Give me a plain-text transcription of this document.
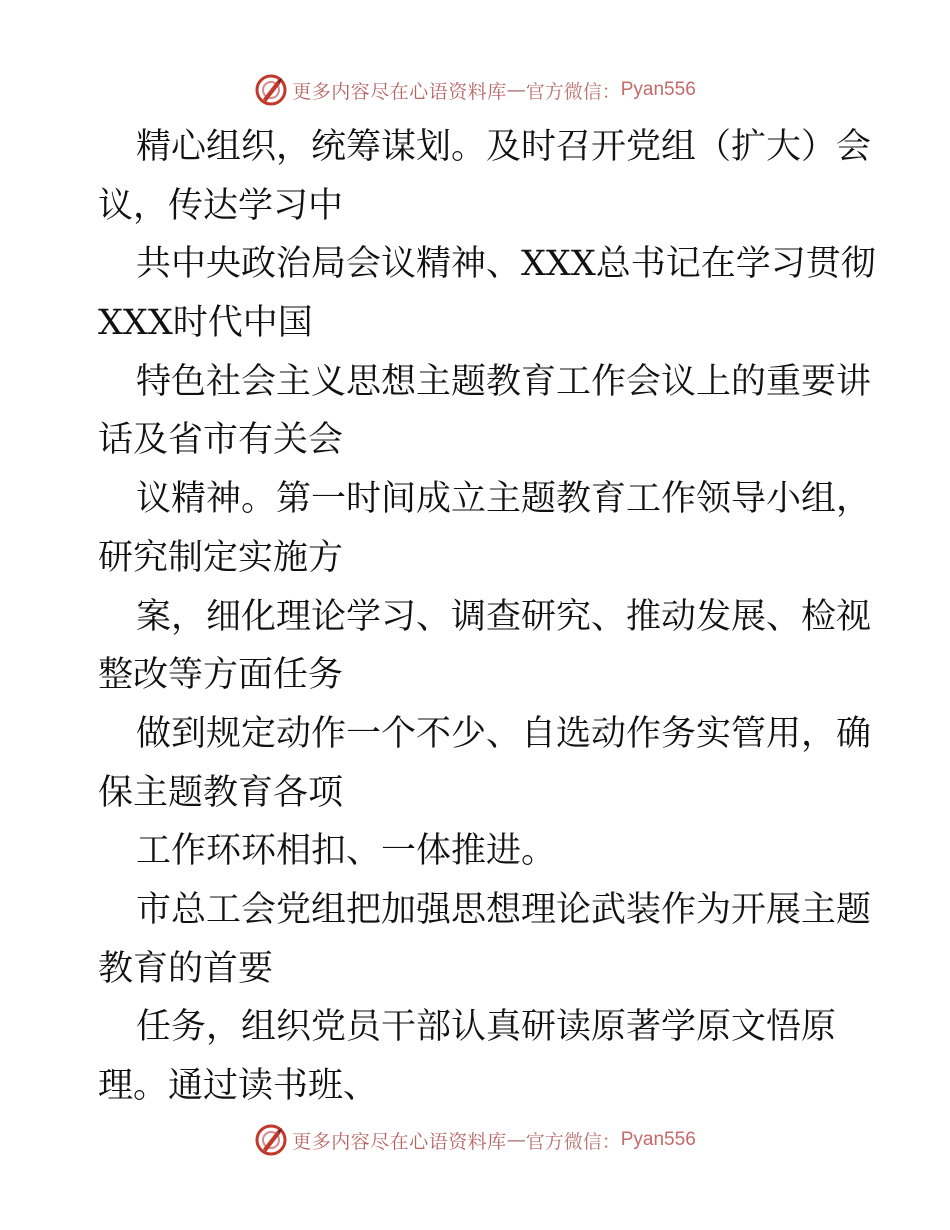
更多内容尽在心语资料库 — 官方微信： Pyan556
精心组织，统筹谋划。及时召开党组（扩大）会
议，传达学习中
共中央政治局会议精神、XXX总书记在学习贯彻
XXX时代中国
特色社会主义思想主题教育工作会议上的重要讲
话及省市有关会
议精神。第一时间成立主题教育工作领导小组，
研究制定实施方
案，细化理论学习、调查研究、推动发展、检视
整改等方面任务
做到规定动作一个不少、自选动作务实管用，确
保主题教育各项
工作环环相扣、一体推进。
市总工会党组把加强思想理论武装作为开展主题
教育的首要
任务，组织党员干部认真研读原著学原文悟原
理。通过读书班、
更多内容尽在心语资料库 — 官方微信： Pyan556
